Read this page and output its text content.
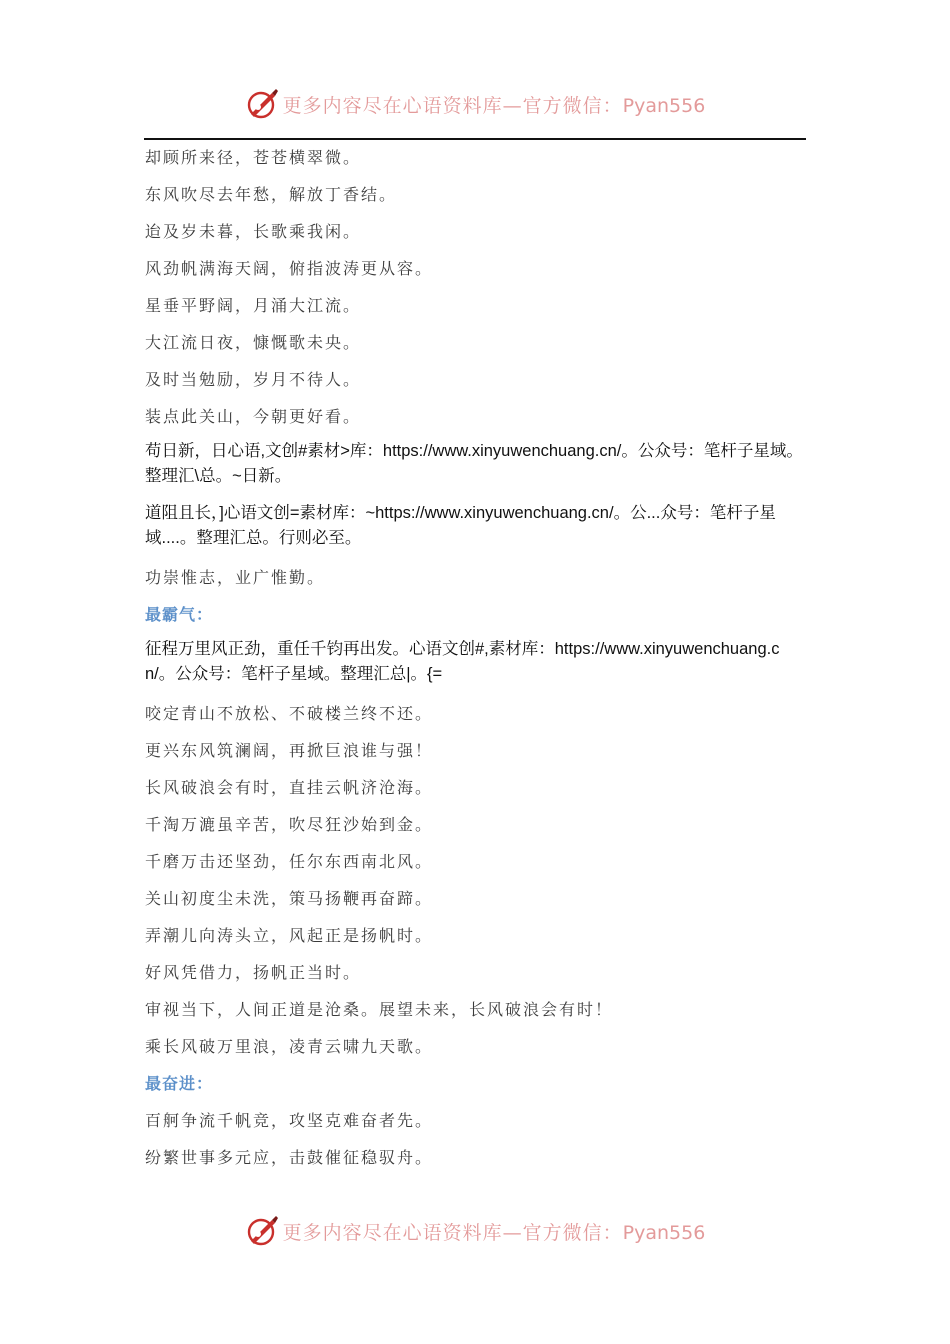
更多内容尽在心语资料库—官方微信：Pyan556
却顾所来径，苍苍横翠微。
东风吹尽去年愁，解放丁香结。
迨及岁未暮，长歌乘我闲。
风劲帆满海天阔，俯指波涛更从容。
星垂平野阔，月涌大江流。
大江流日夜，慷慨歌未央。
及时当勉励，岁月不待人。
装点此关山，今朝更好看。
苟日新，日心语,文创#素材>库：https://www.xinyuwenchuang.cn/。公众号：笔杆子星域。整理汇\总。~日新。
道阻且长，]心语文创=素材库：~https://www.xinyuwenchuang.cn/。公...众号：笔杆子星域....。整理汇总。行则必至。
功崇惟志，业广惟勤。
最霸气：
征程万里风正劲，重任千钧再出发。心语文创#,素材库：https://www.xinyuwenchuang.cn/。公众号：笔杆子星域。整理汇总|。{=
咬定青山不放松、不破楼兰终不还。
更兴东风筑澜阔，再掀巨浪谁与强！
长风破浪会有时，直挂云帆济沧海。
千淘万漉虽辛苦，吹尽狂沙始到金。
千磨万击还坚劲，任尔东西南北风。
关山初度尘未洗，策马扬鞭再奋蹄。
弄潮儿向涛头立，风起正是扬帆时。
好风凭借力，扬帆正当时。
审视当下，人间正道是沧桑。展望未来，长风破浪会有时！
乘长风破万里浪，凌青云啸九天歌。
最奋进：
百舸争流千帆竞，攻坚克难奋者先。
纷繁世事多元应，击鼓催征稳驭舟。
更多内容尽在心语资料库—官方微信：Pyan556
